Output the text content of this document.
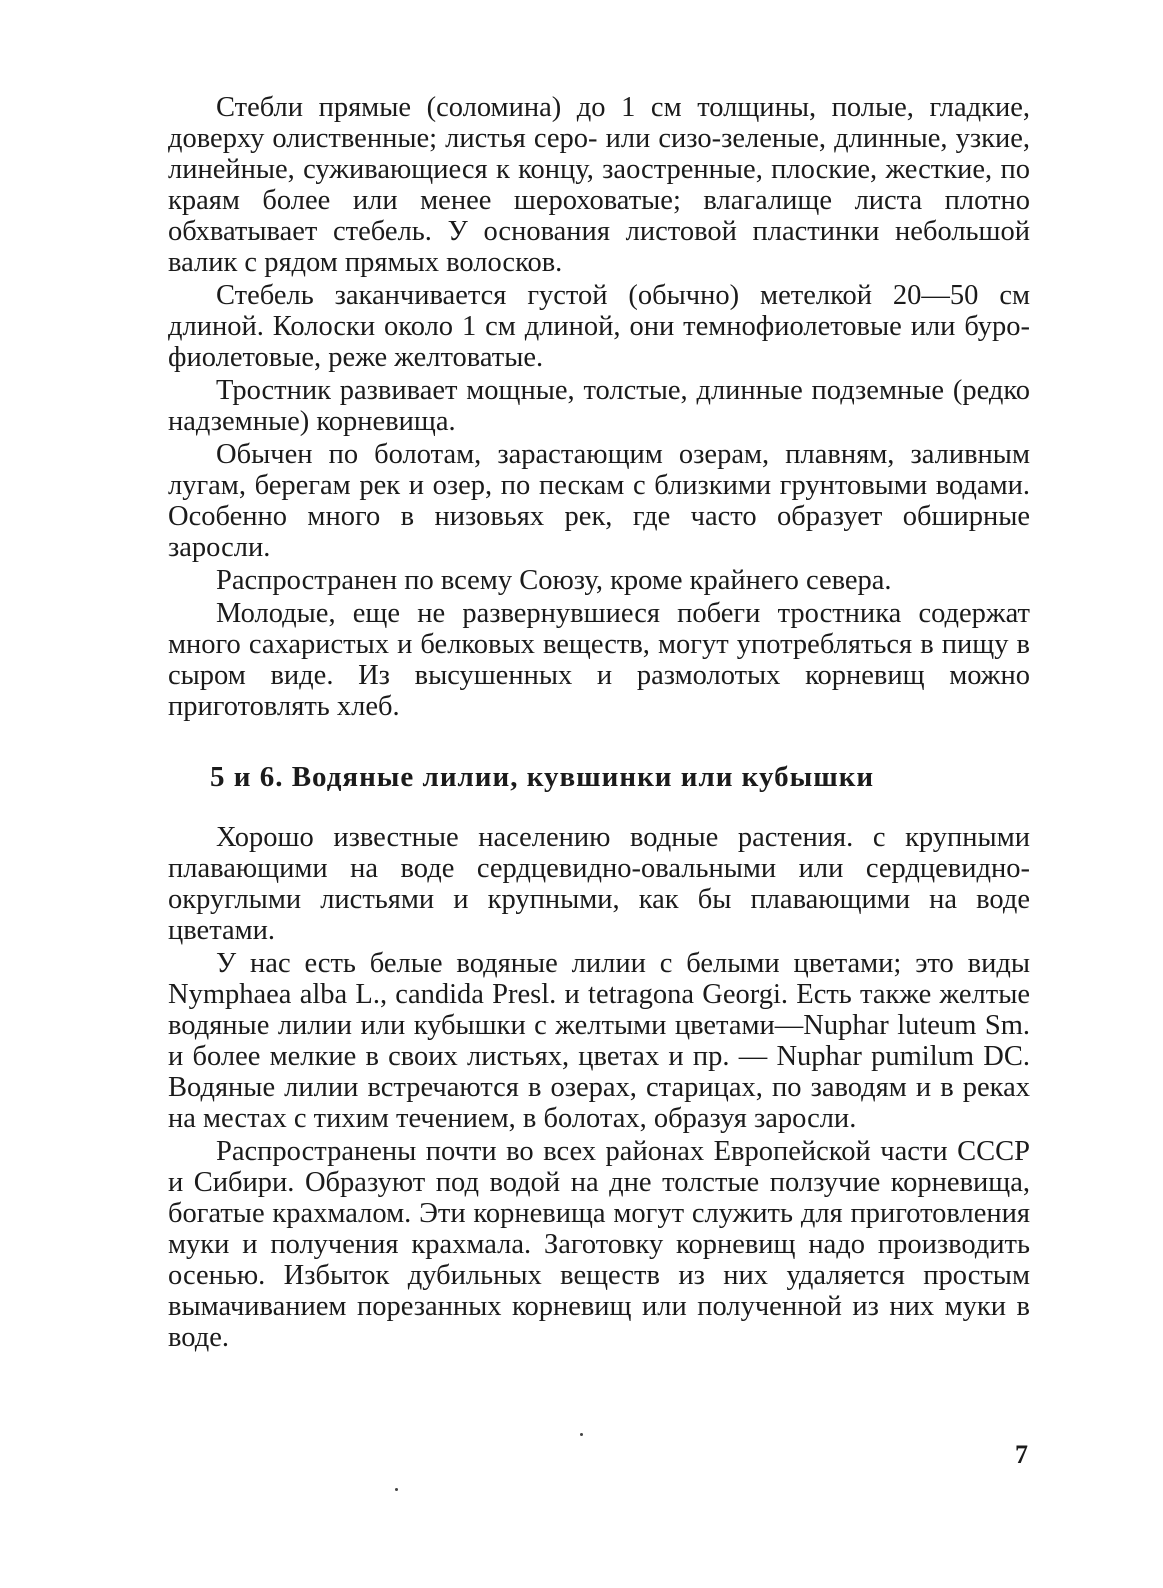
Стебли прямые (соломина) до 1 см толщины, полые, гладкие, доверху олиственные; листья серо- или сизо-зеленые, длинные, узкие, линейные, суживающиеся к концу, заостренные, плоские, жесткие, по краям более или менее шероховатые; влагалище листа плотно обхватывает стебель. У основания листовой пластинки небольшой валик с рядом прямых волосков.

Стебель заканчивается густой (обычно) метелкой 20—50 см длиной. Колоски около 1 см длиной, они темнофиолетовые или буро-фиолетовые, реже желтоватые.

Тростник развивает мощные, толстые, длинные подземные (редко надземные) корневища.

Обычен по болотам, зарастающим озерам, плавням, заливным лугам, берегам рек и озер, по пескам с близкими грунтовыми водами. Особенно много в низовьях рек, где часто образует обширные заросли.

Распространен по всему Союзу, кроме крайнего севера.

Молодые, еще не развернувшиеся побеги тростника содержат много сахаристых и белковых веществ, могут употребляться в пищу в сыром виде. Из высушенных и размолотых корневищ можно приготовлять хлеб.

5 и 6. Водяные лилии, кувшинки или кубышки

Хорошо известные населению водные растения. с крупными плавающими на воде сердцевидно-овальными или сердцевидно-округлыми листьями и крупными, как бы плавающими на воде цветами.

У нас есть белые водяные лилии с белыми цветами; это виды Nymphaea alba L., candida Presl. и tetragona Georgi. Есть также желтые водяные лилии или кубышки с желтыми цветами—Nuphar luteum Sm. и более мелкие в своих листьях, цветах и пр. — Nuphar pumilum DC. Водяные лилии встречаются в озерах, старицах, по заводям и в реках на местах с тихим течением, в болотах, образуя заросли.

Распространены почти во всех районах Европейской части СССР и Сибири. Образуют под водой на дне толстые ползучие корневища, богатые крахмалом. Эти корневища могут служить для приготовления муки и получения крахмала. Заготовку корневищ надо производить осенью. Избыток дубильных веществ из них удаляется простым вымачиванием порезанных корневищ или полученной из них муки в воде.

7
